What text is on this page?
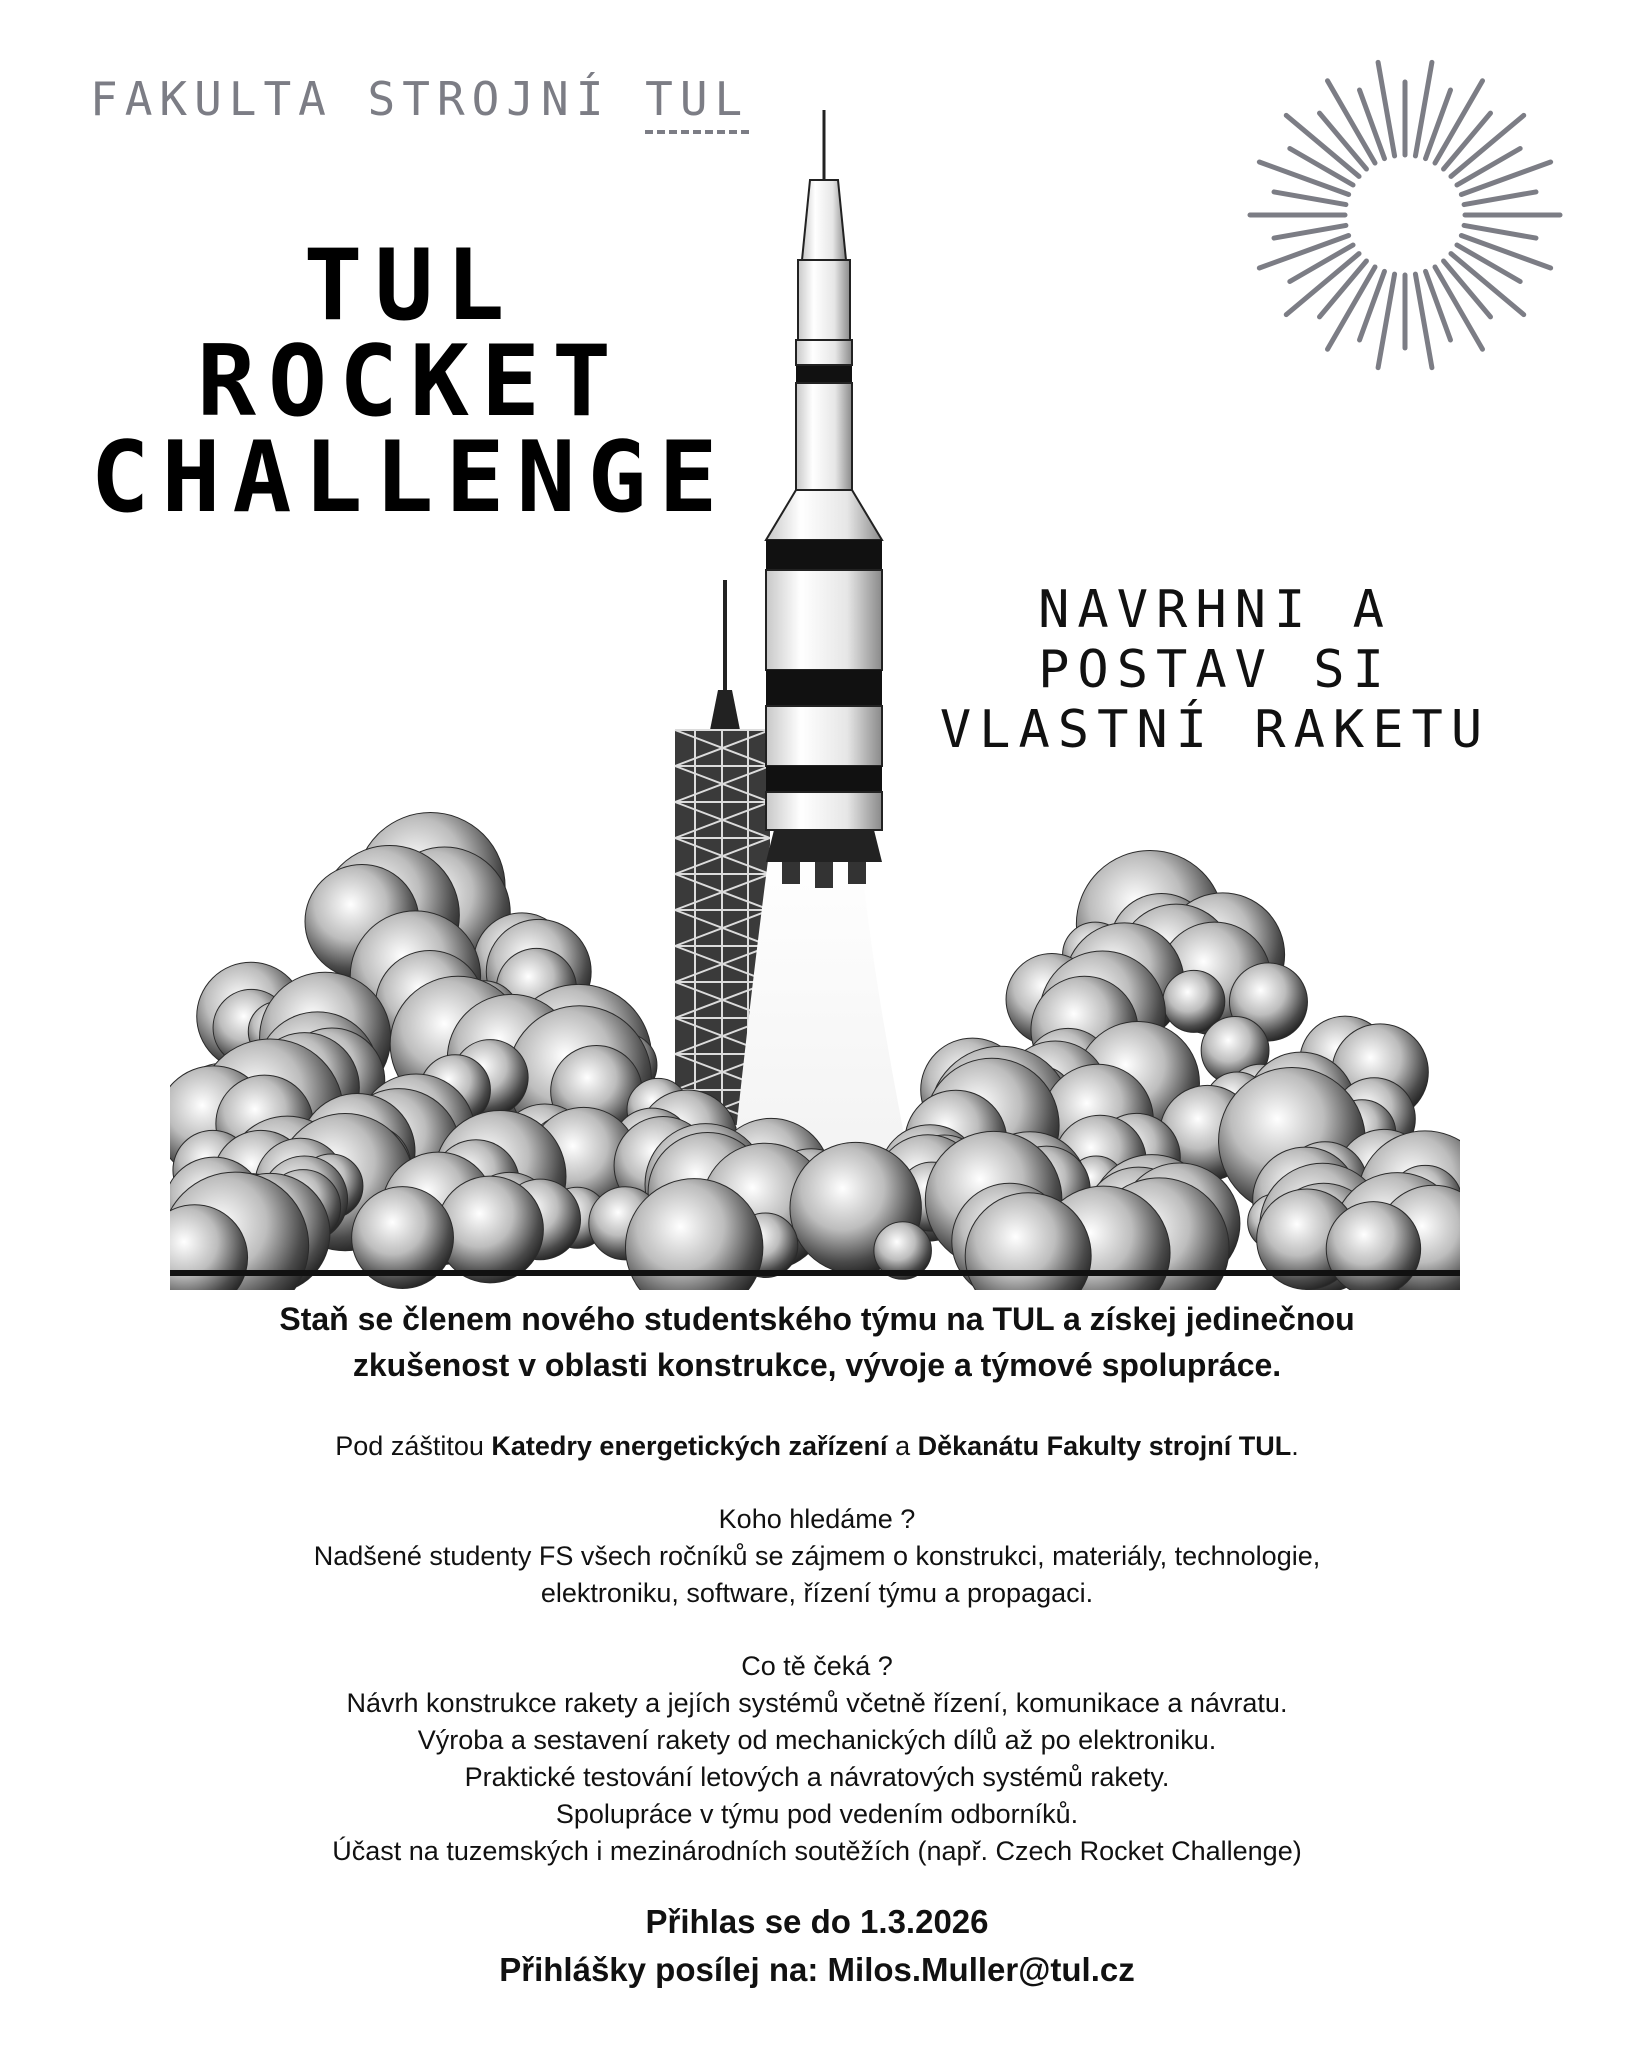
FAKULTA STROJNÍ TUL
TUL
ROCKET
CHALLENGE
NAVRHNI A
POSTAV SI
VLASTNÍ RAKETU
Staň se členem nového studentského týmu na TUL a získej jedinečnou
zkušenost v oblasti konstrukce, vývoje a týmové spolupráce.

Pod záštitou Katedry energetických zařízení a Děkanátu Fakulty strojní TUL.

Koho hledáme ?

Nadšené studenty FS všech ročníků se zájmem o konstrukci, materiály, technologie,

elektroniku, software, řízení týmu a propagaci.

Co tě čeká ?

Návrh konstrukce rakety a jejích systémů včetně řízení, komunikace a návratu.

Výroba a sestavení rakety od mechanických dílů až po elektroniku.

Praktické testování letových a návratových systémů rakety.

Spolupráce v týmu pod vedením odborníků.

Účast na tuzemských i mezinárodních soutěžích (např. Czech Rocket Challenge)

Přihlas se do 1.3.2026

Přihlášky posílej na: Milos.Muller@tul.cz
